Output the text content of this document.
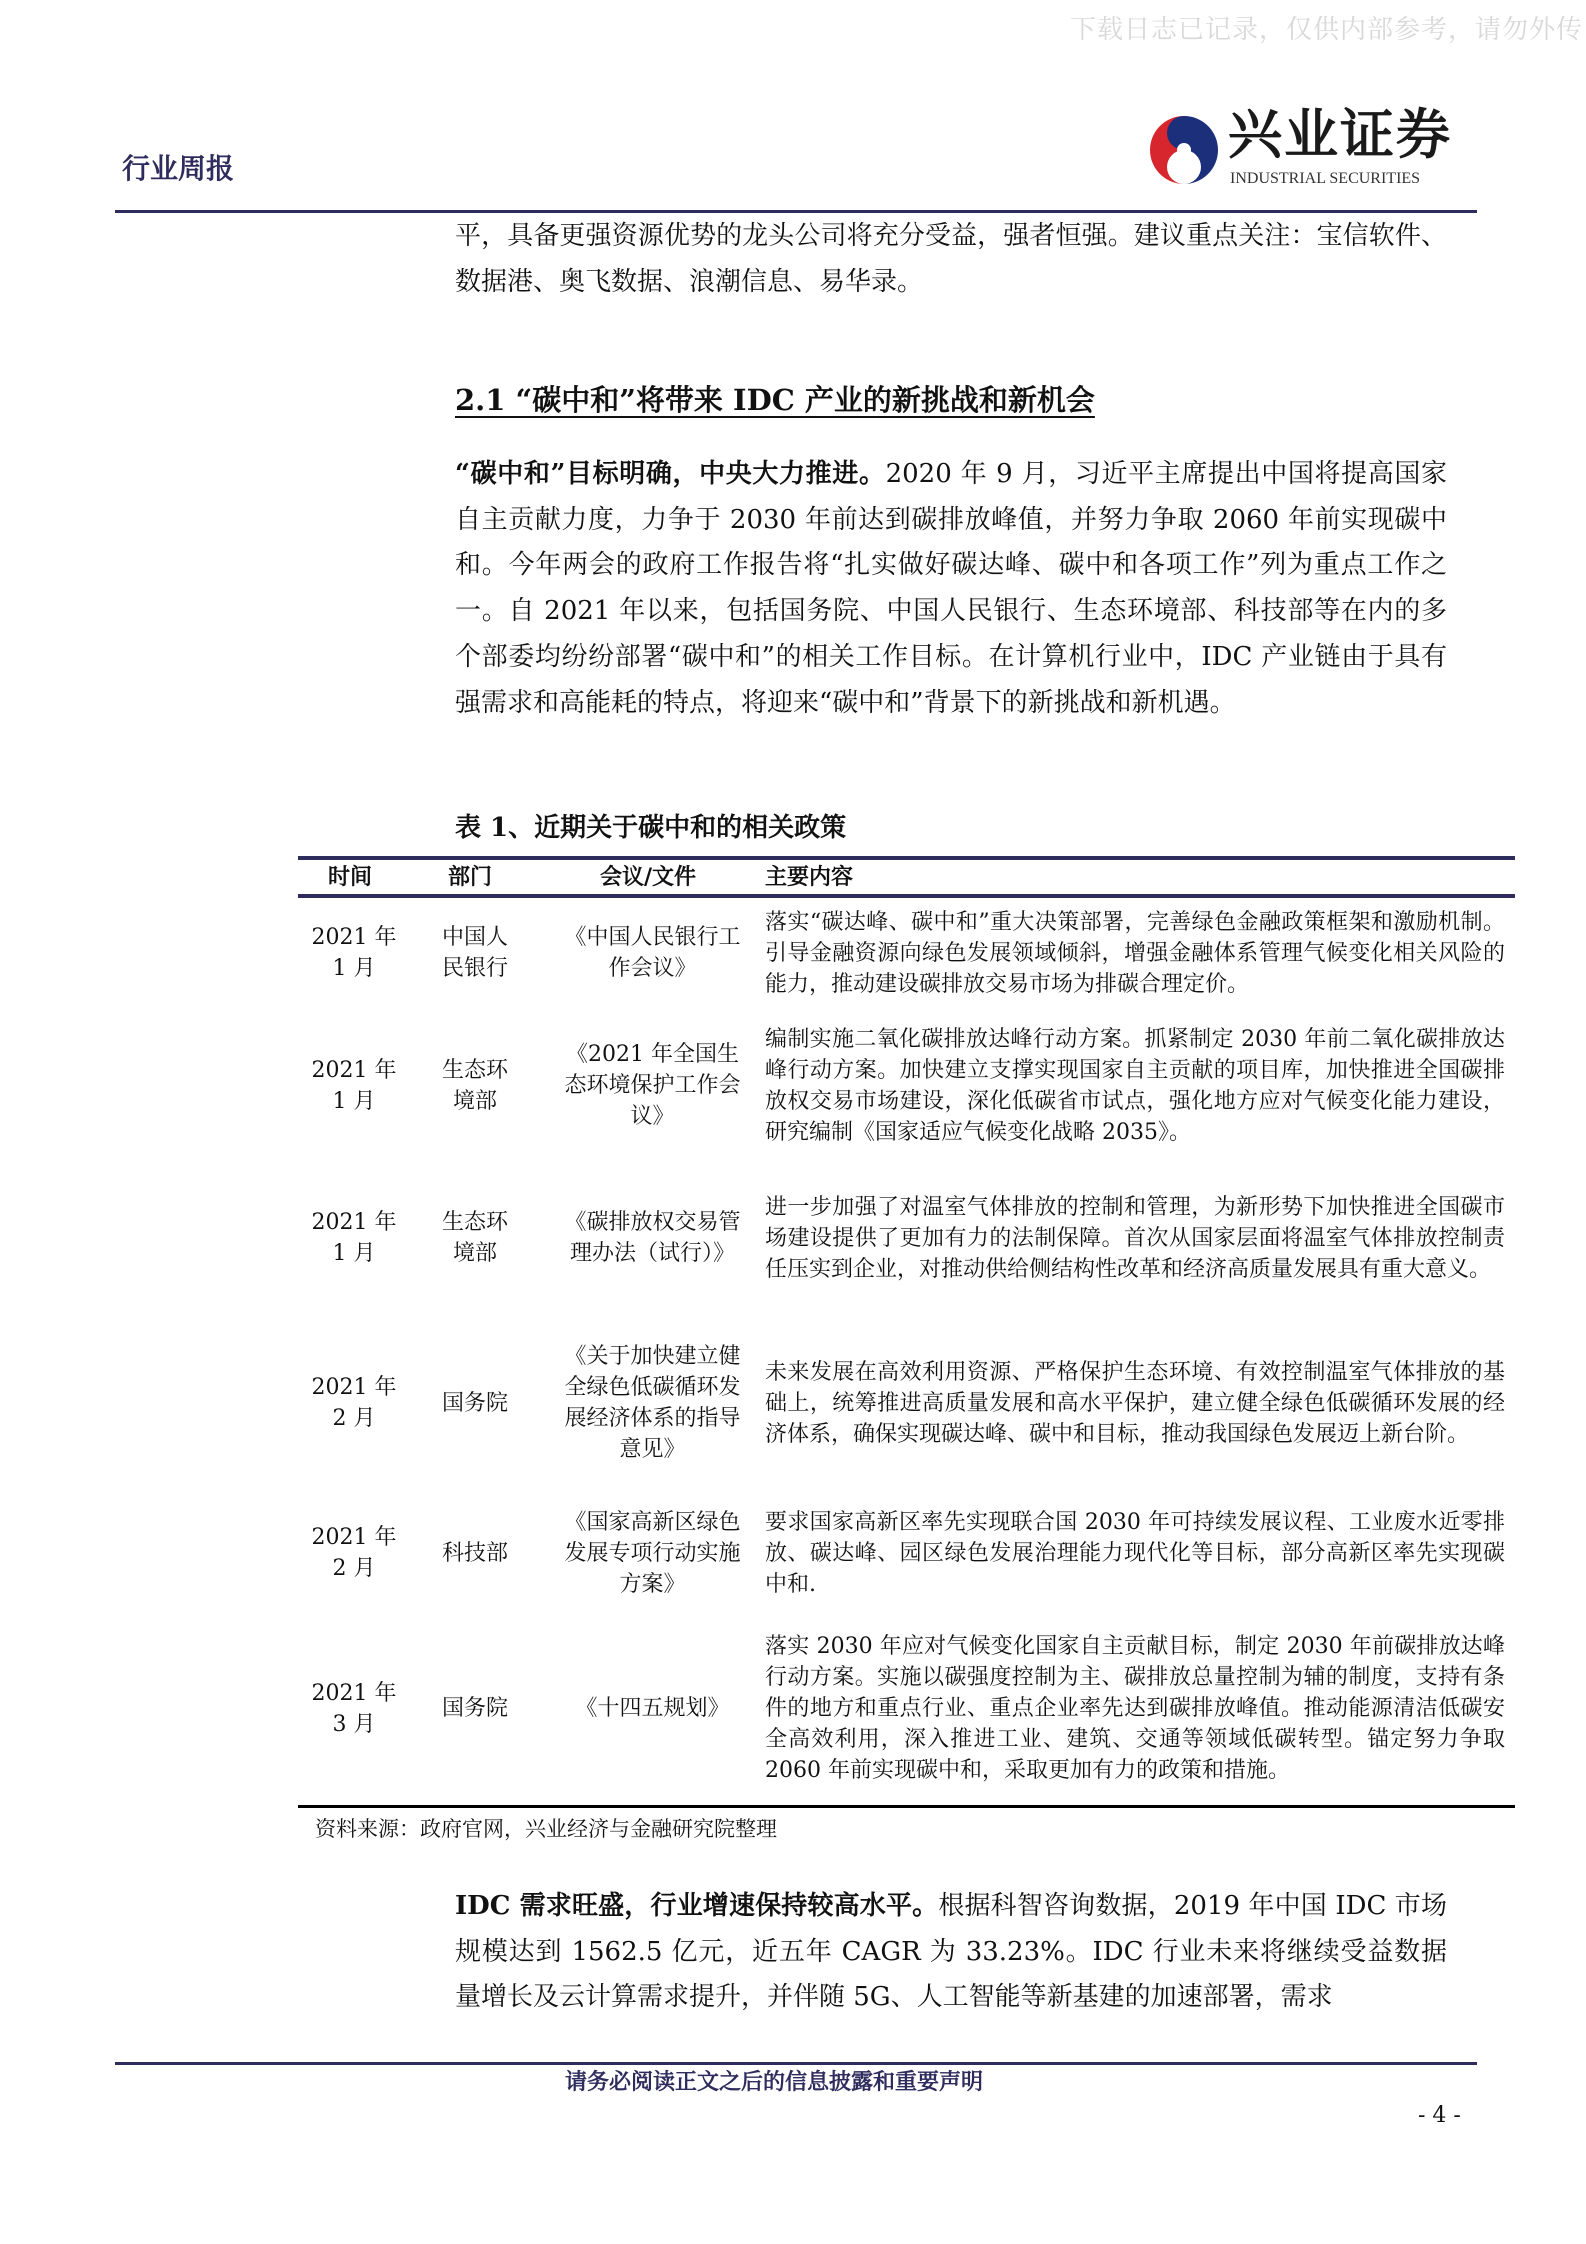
下载日志已记录，仅供内部参考，请勿外传
行业周报
兴业证券
INDUSTRIAL SECURITIES
平，具备更强资源优势的龙头公司将充分受益，强者恒强。建议重点关注：宝信软件、数据港、奥飞数据、浪潮信息、易华录。
2.1 “碳中和”将带来 IDC 产业的新挑战和新机会
“碳中和”目标明确，中央大力推进。2020 年 9 月，习近平主席提出中国将提高国家自主贡献力度，力争于 2030 年前达到碳排放峰值，并努力争取 2060 年前实现碳中和。今年两会的政府工作报告将“扎实做好碳达峰、碳中和各项工作”列为重点工作之一。自 2021 年以来，包括国务院、中国人民银行、生态环境部、科技部等在内的多个部委均纷纷部署“碳中和”的相关工作目标。在计算机行业中，IDC 产业链由于具有强需求和高能耗的特点，将迎来“碳中和”背景下的新挑战和新机遇。
表 1、近期关于碳中和的相关政策
时间	部门	会议/文件	主要内容
2021 年 1 月	中国人民银行	《中国人民银行工作会议》	落实“碳达峰、碳中和”重大决策部署，完善绿色金融政策框架和激励机制。引导金融资源向绿色发展领域倾斜，增强金融体系管理气候变化相关风险的能力，推动建设碳排放交易市场为排碳合理定价。
2021 年 1 月	生态环境部	《2021 年全国生态环境保护工作会议》	编制实施二氧化碳排放达峰行动方案。抓紧制定 2030 年前二氧化碳排放达峰行动方案。加快建立支撑实现国家自主贡献的项目库，加快推进全国碳排放权交易市场建设，深化低碳省市试点，强化地方应对气候变化能力建设，研究编制《国家适应气候变化战略 2035》。
2021 年 1 月	生态环境部	《碳排放权交易管理办法（试行）》	进一步加强了对温室气体排放的控制和管理，为新形势下加快推进全国碳市场建设提供了更加有力的法制保障。首次从国家层面将温室气体排放控制责任压实到企业，对推动供给侧结构性改革和经济高质量发展具有重大意义。
2021 年 2 月	国务院	《关于加快建立健全绿色低碳循环发展经济体系的指导意见》	未来发展在高效利用资源、严格保护生态环境、有效控制温室气体排放的基础上，统筹推进高质量发展和高水平保护，建立健全绿色低碳循环发展的经济体系，确保实现碳达峰、碳中和目标，推动我国绿色发展迈上新台阶。
2021 年 2 月	科技部	《国家高新区绿色发展专项行动实施方案》	要求国家高新区率先实现联合国 2030 年可持续发展议程、工业废水近零排放、碳达峰、园区绿色发展治理能力现代化等目标，部分高新区率先实现碳中和.
2021 年 3 月	国务院	《十四五规划》	落实 2030 年应对气候变化国家自主贡献目标，制定 2030 年前碳排放达峰行动方案。实施以碳强度控制为主、碳排放总量控制为辅的制度，支持有条件的地方和重点行业、重点企业率先达到碳排放峰值。推动能源清洁低碳安全高效利用，深入推进工业、建筑、交通等领域低碳转型。锚定努力争取 2060 年前实现碳中和，采取更加有力的政策和措施。
资料来源：政府官网，兴业经济与金融研究院整理
IDC 需求旺盛，行业增速保持较高水平。根据科智咨询数据，2019 年中国 IDC 市场规模达到 1562.5 亿元，近五年 CAGR 为 33.23%。IDC 行业未来将继续受益数据量增长及云计算需求提升，并伴随 5G、人工智能等新基建的加速部署，需求
请务必阅读正文之后的信息披露和重要声明
- 4 -
